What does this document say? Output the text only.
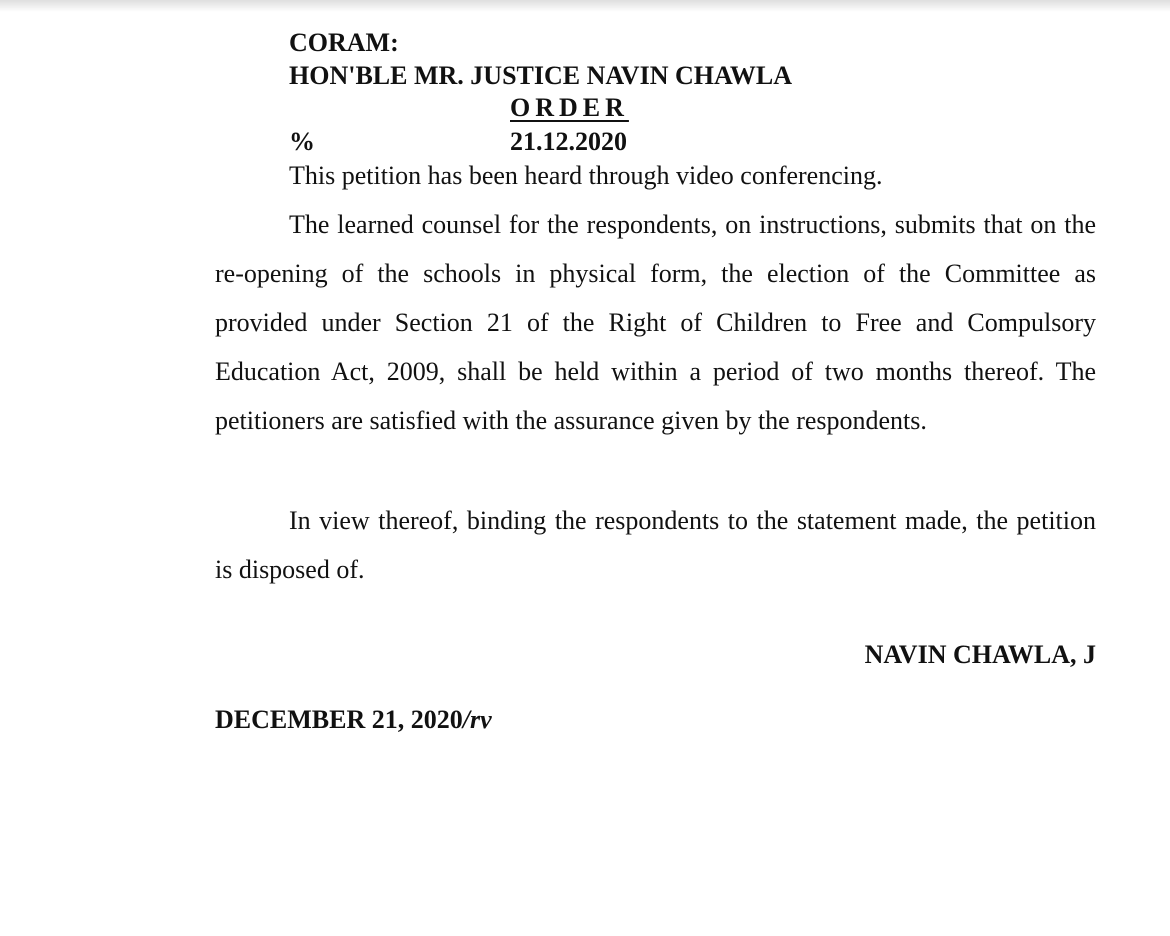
CORAM:
HON'BLE MR. JUSTICE NAVIN CHAWLA
ORDER
%	21.12.2020
This petition has been heard through video conferencing.
The learned counsel for the respondents, on instructions, submits that on the re-opening of the schools in physical form, the election of the Committee as provided under Section 21 of the Right of Children to Free and Compulsory Education Act, 2009, shall be held within a period of two months thereof. The petitioners are satisfied with the assurance given by the respondents.
In view thereof, binding the respondents to the statement made, the petition is disposed of.
NAVIN CHAWLA, J
DECEMBER 21, 2020/rv
